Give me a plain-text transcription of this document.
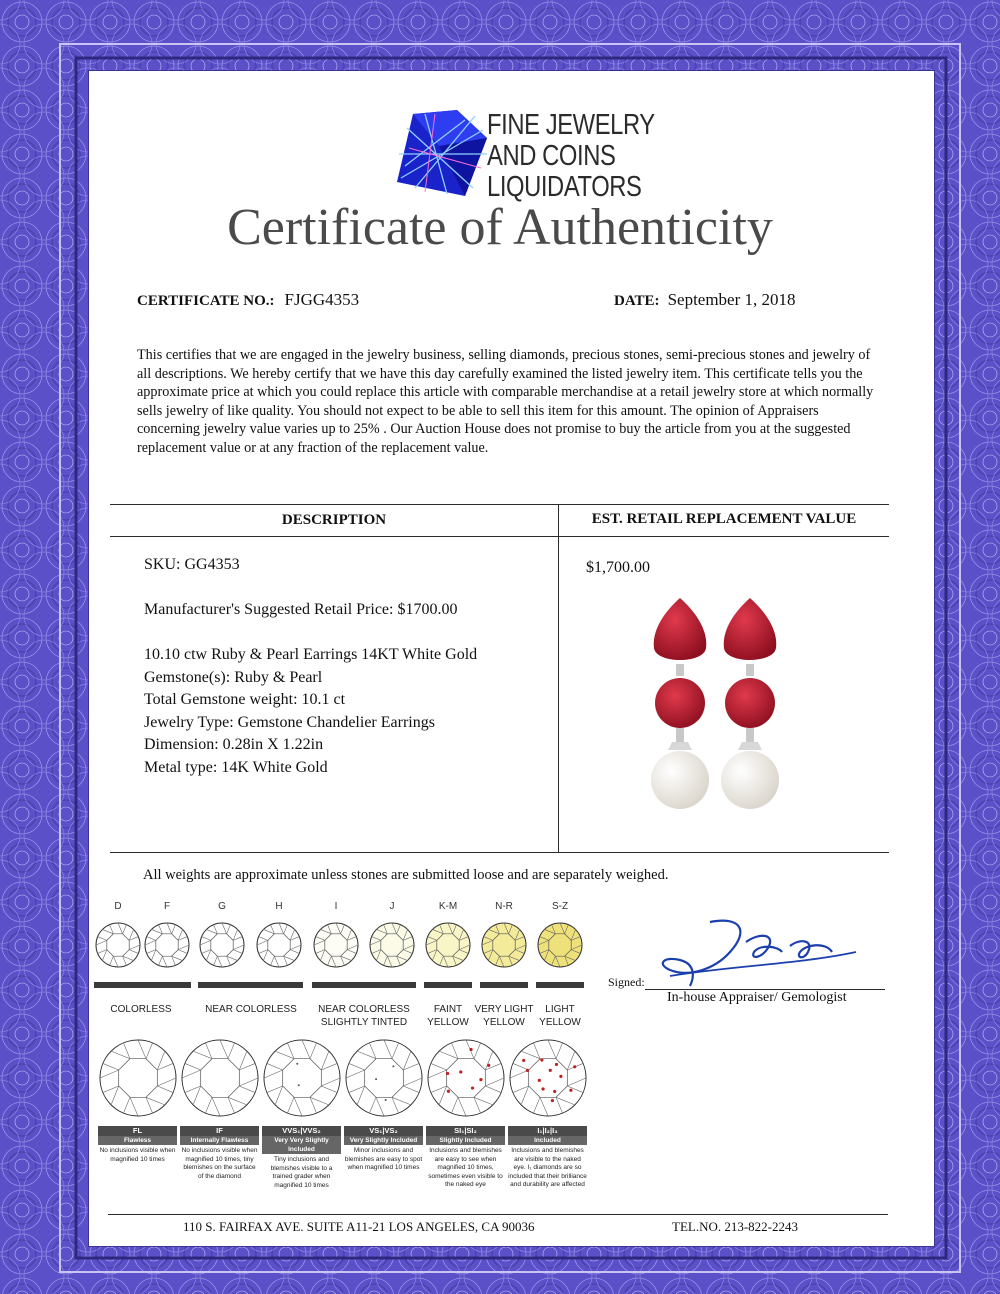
FINE JEWELRY
AND COINS
LIQUIDATORS
Certificate of Authenticity
CERTIFICATE NO.: FJGG4353	DATE: September 1, 2018
This certifies that we are engaged in the jewelry business, selling diamonds, precious stones, semi-precious stones and jewelry of all descriptions. We hereby certify that we have this day carefully examined the listed jewelry item. This certificate tells you the approximate price at which you could replace this article with comparable merchandise at a retail jewelry store at which normally sells jewelry of like quality. You should not expect to be able to sell this item for this amount. The opinion of Appraisers concerning jewelry value varies up to 25% . Our Auction House does not promise to buy the article from you at the suggested replacement value or at any fraction of the replacement value.
DESCRIPTION	EST. RETAIL REPLACEMENT VALUE
SKU: GG4353
Manufacturer's Suggested Retail Price: $1700.00
10.10 ctw Ruby & Pearl Earrings 14KT White Gold
Gemstone(s): Ruby & Pearl
Total Gemstone weight: 10.1 ct
Jewelry Type: Gemstone Chandelier Earrings
Dimension: 0.28in X 1.22in
Metal type: 14K White Gold
$1,700.00
All weights are approximate unless stones are submitted loose and are separately weighed.
D	F	G	H	I	J	K-M	N-R	S-Z
COLORLESS	NEAR COLORLESS	NEAR COLORLESS
SLIGHTLY TINTED
FAINT
YELLOW
VERY LIGHT
YELLOW
LIGHT
YELLOW
FL
Flawless
No inclusions visible when magnified 10 times
IF
Internally Flawless
No inclusions visible when magnified 10 times, tiny blemishes on the surface of the diamond
VVS₁|VVS₂
Very Very Slightly Included
Tiny inclusions and blemishes visible to a trained grader when magnified 10 times
VS₁|VS₂
Very Slightly Included
Minor inclusions and blemishes are easy to spot when magnified 10 times
SI₁|SI₂
Slightly Included
Inclusions and blemishes are easy to see when magnified 10 times, sometimes even visible to the naked eye
I₁|I₂|I₃
Included
Inclusions and blemishes are visible to the naked eye. I₁ diamonds are so included that their brilliance and durability are affected
Signed:
In-house Appraiser/ Gemologist
110 S. FAIRFAX AVE. SUITE A11-21 LOS ANGELES, CA 90036	TEL.NO. 213-822-2243
